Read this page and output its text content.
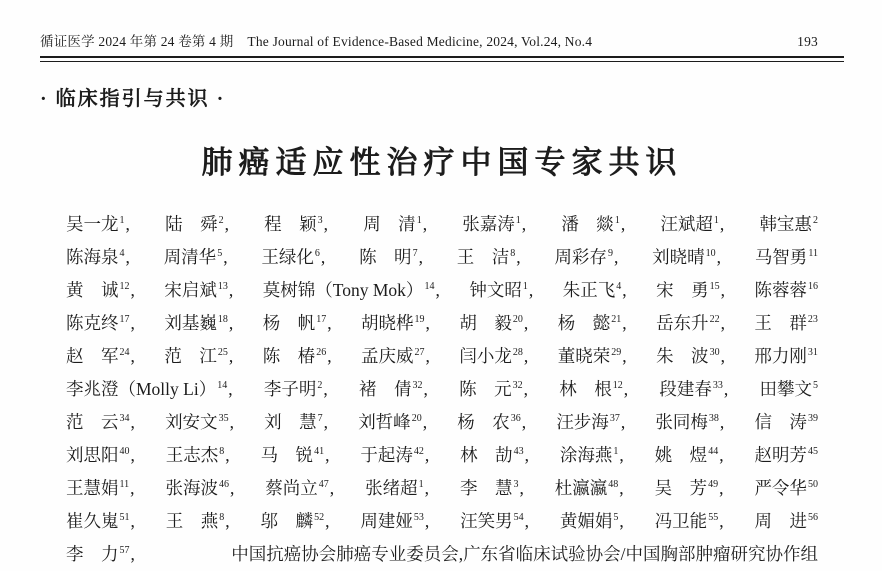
循证医学 2024 年第 24 卷第 4 期 The Journal of Evidence-Based Medicine, 2024, Vol.24, No.4	193
· 临床指引与共识 ·
肺癌适应性治疗中国专家共识
吴一龙$^1$, 陆　舜$^2$, 程　颖$^3$, 周　清$^1$, 张嘉涛$^1$, 潘　燚$^1$, 汪斌超$^1$, 韩宝惠$^2$
陈海泉$^4$, 周清华$^5$, 王绿化$^6$, 陈　明$^7$, 王　洁$^8$, 周彩存$^9$, 刘晓晴$^{10}$, 马智勇$^{11}$
黄　诚$^{12}$, 宋启斌$^{13}$, 莫树锦（Tony Mok）$^{14}$, 钟文昭$^1$, 朱正飞$^4$, 宋　勇$^{15}$, 陈蓉蓉$^{16}$
陈克终$^{17}$, 刘基巍$^{18}$, 杨　帆$^{17}$, 胡晓桦$^{19}$, 胡　毅$^{20}$, 杨　懿$^{21}$, 岳东升$^{22}$, 王　群$^{23}$
赵　军$^{24}$, 范　江$^{25}$, 陈　椿$^{26}$, 孟庆威$^{27}$, 闫小龙$^{28}$, 董晓荣$^{29}$, 朱　波$^{30}$, 邢力刚$^{31}$
李兆澄（Molly Li）$^{14}$, 李子明$^2$, 褚　倩$^{32}$, 陈　元$^{32}$, 林　根$^{12}$, 段建春$^{33}$, 田攀文$^5$
范　云$^{34}$, 刘安文$^{35}$, 刘　慧$^7$, 刘哲峰$^{20}$, 杨　农$^{36}$, 汪步海$^{37}$, 张同梅$^{38}$, 信　涛$^{39}$
刘思阳$^{40}$, 王志杰$^8$, 马　锐$^{41}$, 于起涛$^{42}$, 林　劼$^{43}$, 涂海燕$^1$, 姚　煜$^{44}$, 赵明芳$^{45}$
王慧娟$^{11}$, 张海波$^{46}$, 蔡尚立$^{47}$, 张绪超$^1$, 李　慧$^3$, 杜瀛瀛$^{48}$, 吴　芳$^{49}$, 严令华$^{50}$
崔久嵬$^{51}$, 王　燕$^8$, 邬　麟$^{52}$, 周建娅$^{53}$, 汪笑男$^{54}$, 黄媚娟$^5$, 冯卫能$^{55}$, 周　进$^{56}$
李　力$^{57}$,	中国抗癌协会肺癌专业委员会,广东省临床试验协会/中国胸部肿瘤研究协作组
